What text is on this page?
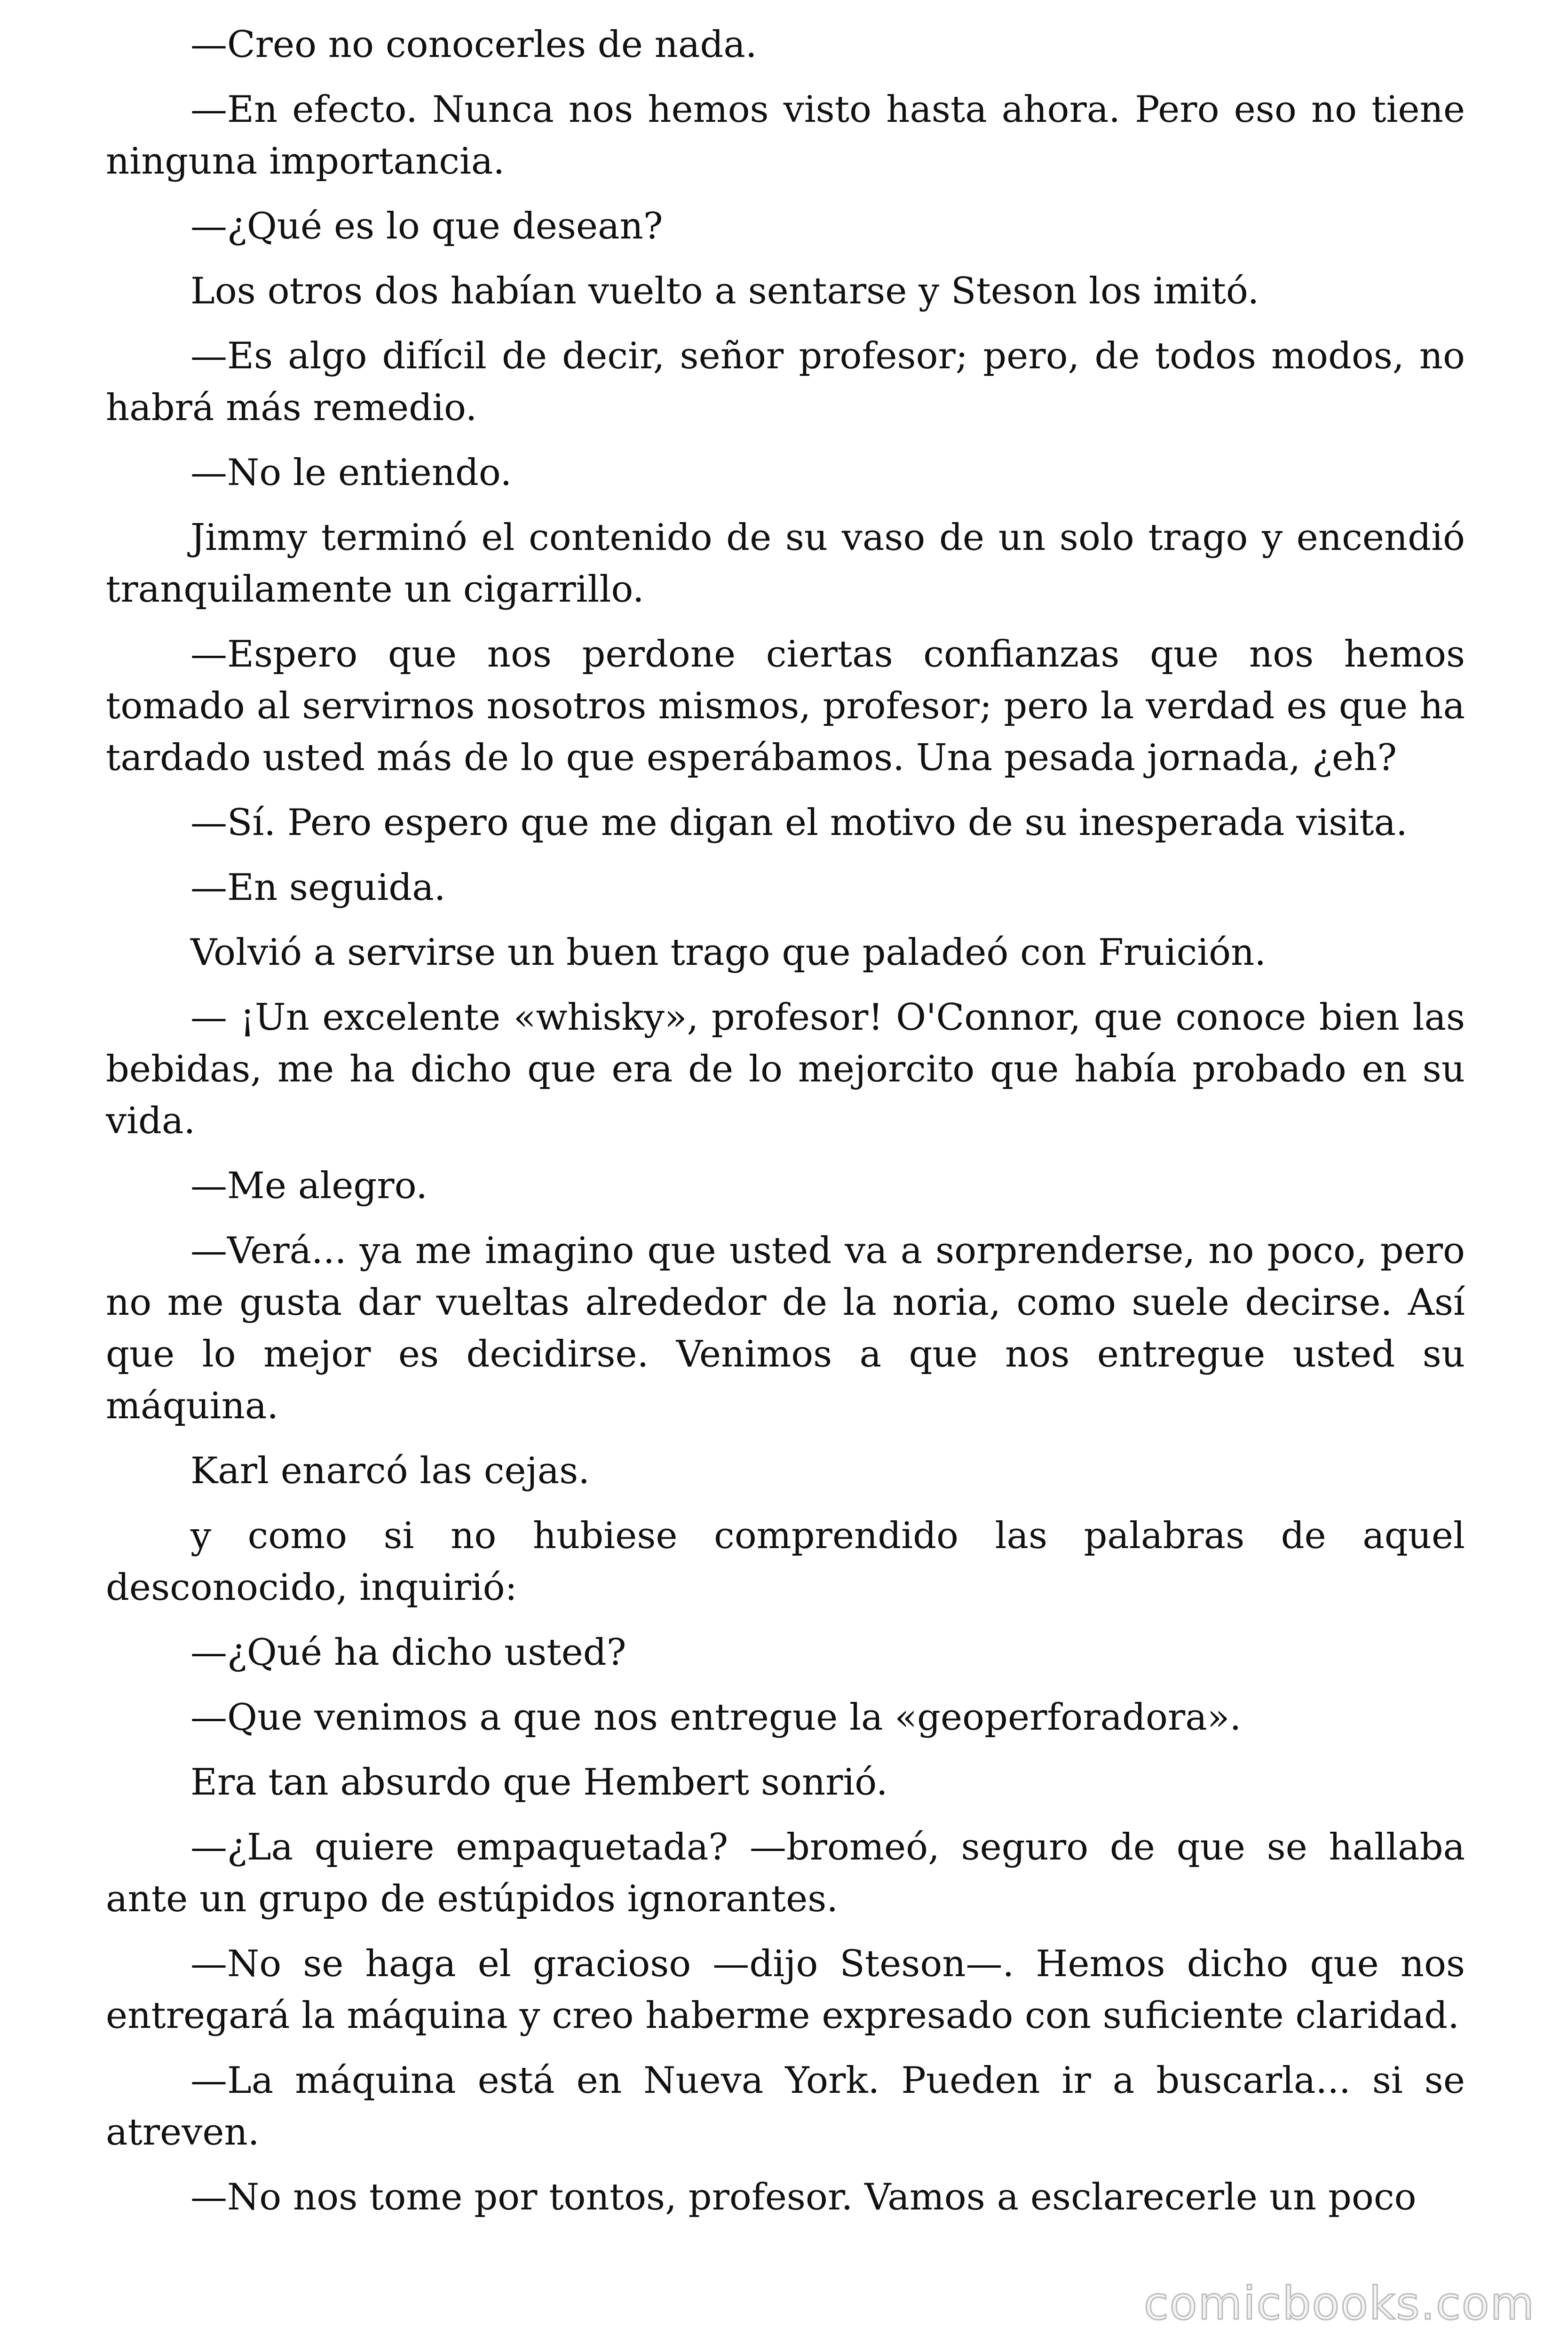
—Creo no conocerles de nada.

—En efecto. Nunca nos hemos visto hasta ahora. Pero eso no tiene ninguna importancia.

—¿Qué es lo que desean?

Los otros dos habían vuelto a sentarse y Steson los imitó.

—Es algo difícil de decir, señor profesor; pero, de todos modos, no habrá más remedio.

—No le entiendo.

Jimmy terminó el contenido de su vaso de un solo trago y encendió tranquilamente un cigarrillo.

—Espero que nos perdone ciertas confianzas que nos hemos tomado al servirnos nosotros mismos, profesor; pero la verdad es que ha tardado usted más de lo que esperábamos. Una pesada jornada, ¿eh?

—Sí. Pero espero que me digan el motivo de su inesperada visita.

—En seguida.

Volvió a servirse un buen trago que paladeó con Fruición.

— ¡Un excelente «whisky», profesor! O'Connor, que conoce bien las bebidas, me ha dicho que era de lo mejorcito que había probado en su vida.

—Me alegro.

—Verá... ya me imagino que usted va a sorprenderse, no poco, pero no me gusta dar vueltas alrededor de la noria, como suele decirse. Así que lo mejor es decidirse. Venimos a que nos entregue usted su máquina.

Karl enarcó las cejas.

y como si no hubiese comprendido las palabras de aquel desconocido, inquirió:

—¿Qué ha dicho usted?

—Que venimos a que nos entregue la «geoperforadora».

Era tan absurdo que Hembert sonrió.

—¿La quiere empaquetada? —bromeó, seguro de que se hallaba ante un grupo de estúpidos ignorantes.

—No se haga el gracioso —dijo Steson—. Hemos dicho que nos entregará la máquina y creo haberme expresado con suficiente claridad.

—La máquina está en Nueva York. Pueden ir a buscarla... si se atreven.

—No nos tome por tontos, profesor. Vamos a esclarecerle un poco

comicbooks.com
